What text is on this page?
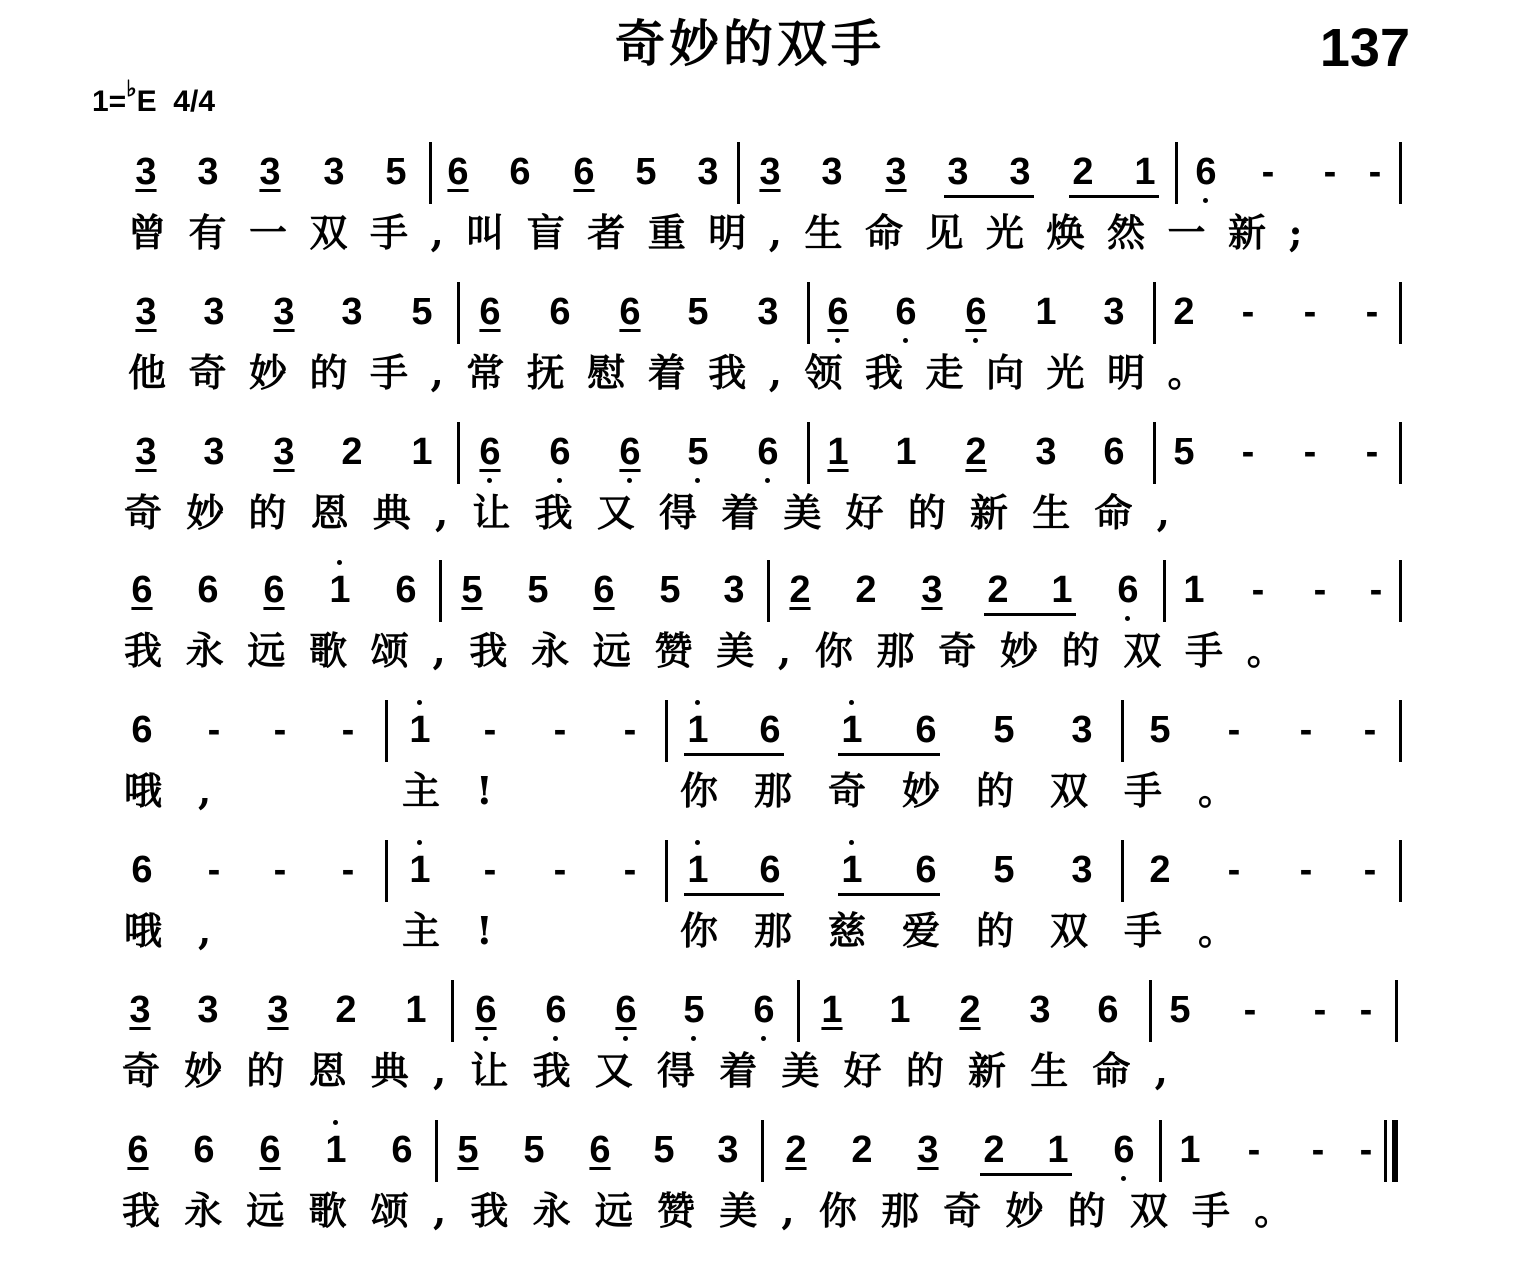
奇妙的双手	137
1=♭E 4/4
3	3	3	3	5	6	6	6	5	3	3	3	3	3	3	2	1	6	-	- -
曾有一双手,叫盲者重明,生命见光焕然一新;
3	3	3	3	5	6	6	6	5	3	6	6	6	1	3	2	-	-	-
他奇妙的手,常抚慰着我,领我走向光明。
3	3	3	2	1	6	6	6	5	6	1	1	2	3	6	5	-	-	-
奇妙的恩典,让我又得着美好的新生命,
6	6	6	1	6	5	5	6	5	3	2	2	3	2	1	6	1	-	-	-
我永远歌颂,我永远赞美,你那奇妙的双手。
6	-	-	-	1	-	-	-	1	6	1	6	5	3	5	-	-	-
哦,	主!	你那奇妙的双手。
6	-	-	-	1	-	-	-	1	6	1	6	5	3	2	-	-	-
哦,	主!	你那慈爱的双手。
3	3	3	2	1	6	6	6	5	6	1	1	2	3	6	5	-	- -
奇妙的恩典,让我又得着美好的新生命,
6	6	6	1	6	5	5	6	5	3	2	2	3	2	1	6	1	-	- -
我永远歌颂,我永远赞美,你那奇妙的双手。
